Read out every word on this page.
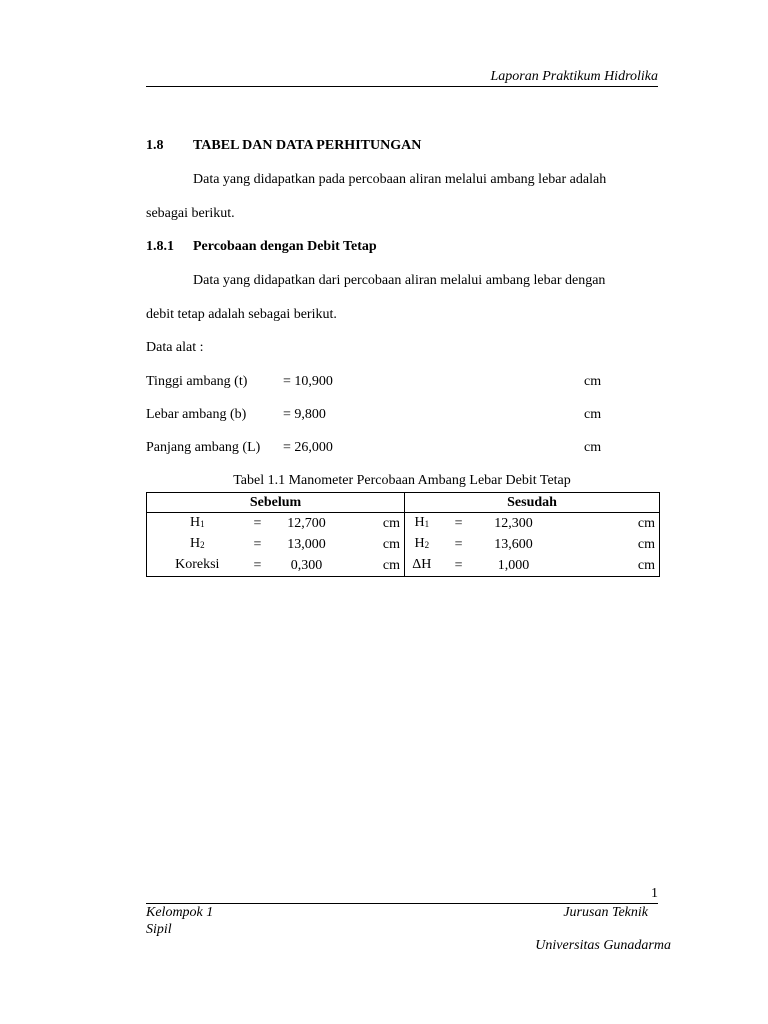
Laporan Praktikum Hidrolika
1.8 TABEL DAN DATA PERHITUNGAN
Data yang didapatkan pada percobaan aliran melalui ambang lebar adalah
sebagai berikut.
1.8.1 Percobaan dengan Debit Tetap
Data yang didapatkan dari percobaan aliran melalui ambang lebar dengan
debit tetap adalah sebagai berikut.
Data alat :
Tinggi ambang (t)	= 10,900	cm
Lebar ambang (b)	= 9,800	cm
Panjang ambang (L) = 26,000	cm
Tabel 1.1 Manometer Percobaan Ambang Lebar Debit Tetap
Sebelum				Sesudah			
$H_1$	=	12,700	cm	$H_1$	=	12,300	cm
$H_2$	=	13,000	cm	$H_2$	=	13,600	cm
Koreksi	=	0,300	cm	ΔH	=	1,000	cm
1
Kelompok 1	Jurusan Teknik
Sipil
Universitas Gunadarma
